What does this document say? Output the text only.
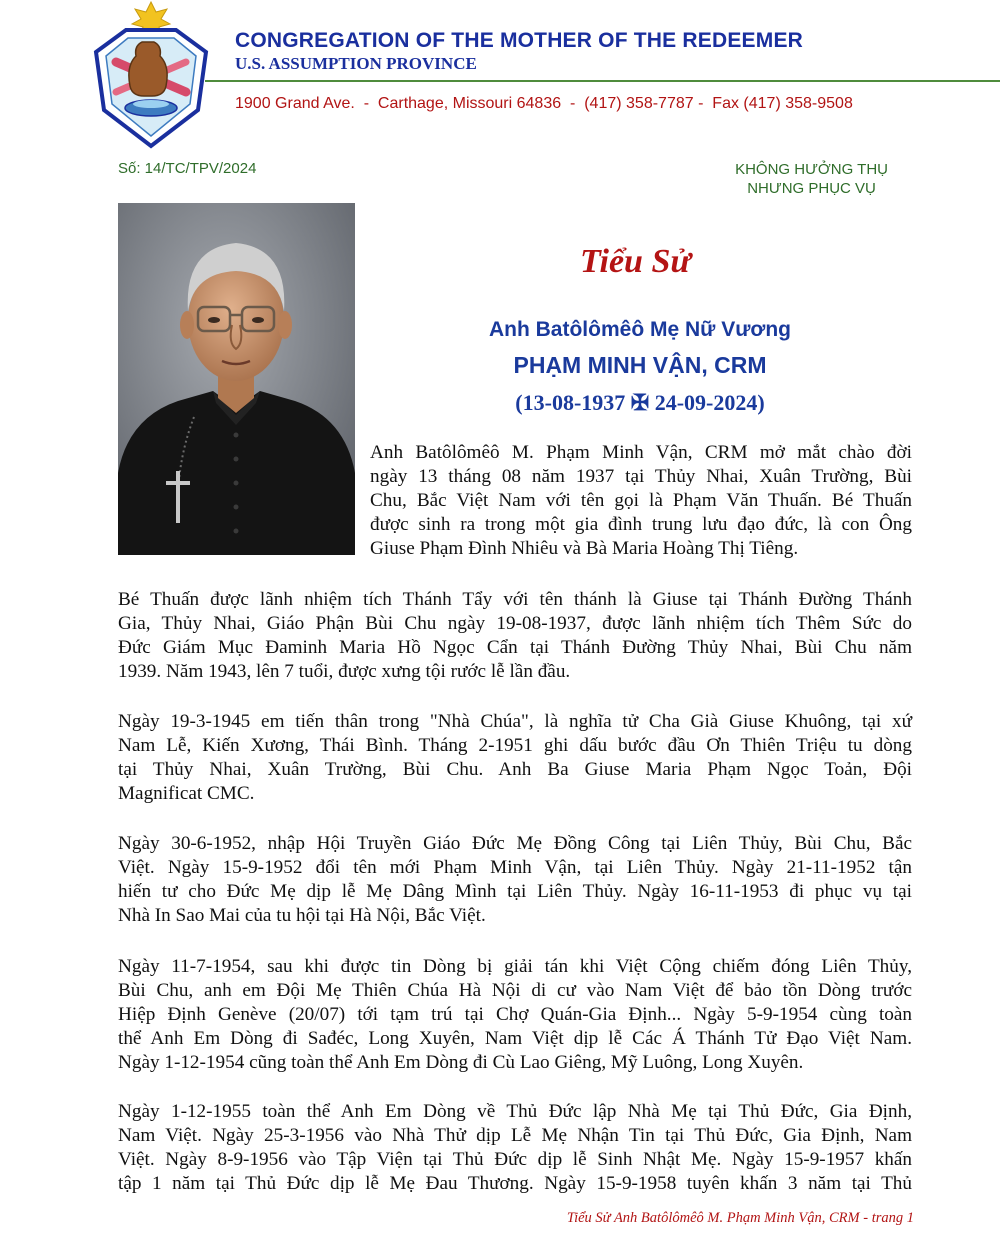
CONGREGATION OF THE MOTHER OF THE REDEEMER
U.S. ASSUMPTION PROVINCE
1900 Grand Ave.  -  Carthage, Missouri 64836  -  (417) 358-7787 -  Fax (417) 358-9508
Số: 14/TC/TPV/2024	KHÔNG HƯỞNG THỤ
NHƯNG PHỤC VỤ
Tiểu Sử
Anh Batôlômêô Mẹ Nữ Vương
PHẠM MINH VẬN, CRM
(13-08-1937 ✠ 24-09-2024)
Anh Batôlômêô M. Phạm Minh Vận, CRM mở mắt chào đời
ngày 13 tháng 08 năm 1937 tại Thủy Nhai, Xuân Trường, Bùi
Chu, Bắc Việt Nam với tên gọi là Phạm Văn Thuấn. Bé Thuấn
được sinh ra trong một gia đình trung lưu đạo đức, là con Ông
Giuse Phạm Đình Nhiêu và Bà Maria Hoàng Thị Tiêng.
Bé Thuấn được lãnh nhiệm tích Thánh Tẩy với tên thánh là Giuse tại Thánh Đường Thánh
Gia, Thủy Nhai, Giáo Phận Bùi Chu ngày 19-08-1937, được lãnh nhiệm tích Thêm Sức do
Đức Giám Mục Đaminh Maria Hồ Ngọc Cẩn tại Thánh Đường Thủy Nhai, Bùi Chu năm
1939. Năm 1943, lên 7 tuổi, được xưng tội rước lễ lần đầu.
Ngày 19-3-1945 em tiến thân trong "Nhà Chúa", là nghĩa tử Cha Già Giuse Khuông, tại xứ
Nam Lễ, Kiến Xương, Thái Bình. Tháng 2-1951 ghi dấu bước đầu Ơn Thiên Triệu tu dòng
tại Thủy Nhai, Xuân Trường, Bùi Chu. Anh Ba Giuse Maria Phạm Ngọc Toản, Đội
Magnificat CMC.
Ngày 30-6-1952, nhập Hội Truyền Giáo Đức Mẹ Đồng Công tại Liên Thủy, Bùi Chu, Bắc
Việt. Ngày 15-9-1952 đổi tên mới Phạm Minh Vận, tại Liên Thủy. Ngày 21-11-1952 tận
hiến tư cho Đức Mẹ dịp lễ Mẹ Dâng Mình tại Liên Thủy. Ngày 16-11-1953 đi phục vụ tại
Nhà In Sao Mai của tu hội tại Hà Nội, Bắc Việt.
Ngày 11-7-1954, sau khi được tin Dòng bị giải tán khi Việt Cộng chiếm đóng Liên Thủy,
Bùi Chu, anh em Đội Mẹ Thiên Chúa Hà Nội di cư vào Nam Việt để bảo tồn Dòng trước
Hiệp Định Genève (20/07) tới tạm trú tại Chợ Quán-Gia Định... Ngày 5-9-1954 cùng toàn
thể Anh Em Dòng đi Sađéc, Long Xuyên, Nam Việt dịp lễ Các Á Thánh Tử Đạo Việt Nam.
Ngày 1-12-1954 cũng toàn thể Anh Em Dòng đi Cù Lao Giêng, Mỹ Luông, Long Xuyên.
Ngày 1-12-1955 toàn thể Anh Em Dòng về Thủ Đức lập Nhà Mẹ tại Thủ Đức, Gia Định,
Nam Việt. Ngày 25-3-1956 vào Nhà Thử dịp Lễ Mẹ Nhận Tin tại Thủ Đức, Gia Định, Nam
Việt. Ngày 8-9-1956 vào Tập Viện tại Thủ Đức dịp lễ Sinh Nhật Mẹ. Ngày 15-9-1957 khấn
tập 1 năm tại Thủ Đức dịp lễ Mẹ Đau Thương. Ngày 15-9-1958 tuyên khấn 3 năm tại Thủ
Tiểu Sử Anh Batôlômêô M. Phạm Minh Vận, CRM - trang 1
